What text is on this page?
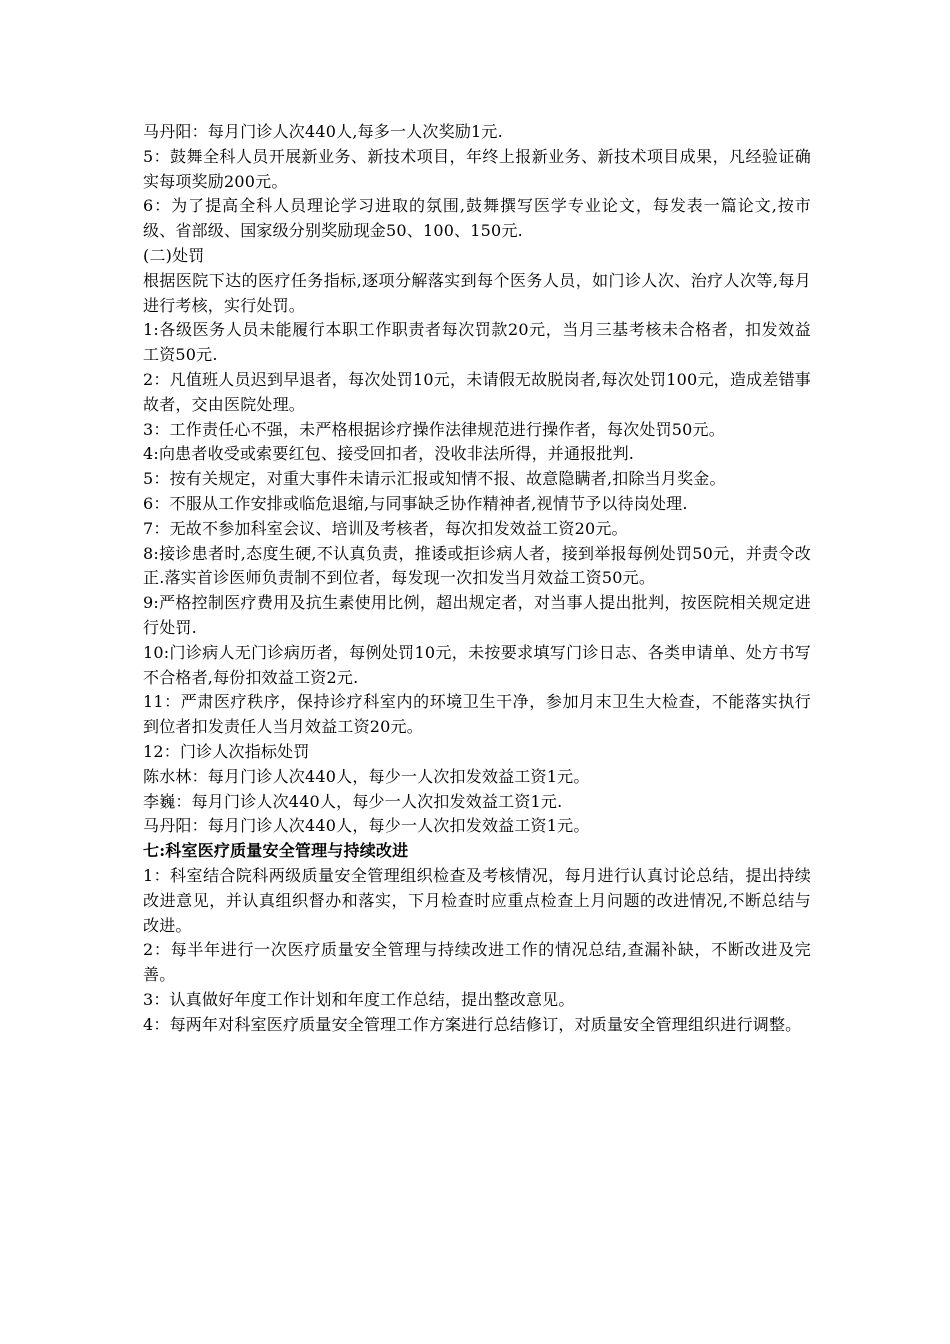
马丹阳：每月门诊人次440人,每多一人次奖励1元.

5：鼓舞全科人员开展新业务、新技术项目，年终上报新业务、新技术项目成果，凡经验证确实每项奖励200元。

6：为了提高全科人员理论学习进取的氛围,鼓舞撰写医学专业论文，每发表一篇论文,按市级、省部级、国家级分别奖励现金50、100、150元.

(二)处罚

根据医院下达的医疗任务指标,逐项分解落实到每个医务人员，如门诊人次、治疗人次等,每月进行考核，实行处罚。

1:各级医务人员未能履行本职工作职责者每次罚款20元，当月三基考核未合格者，扣发效益工资50元.

2：凡值班人员迟到早退者，每次处罚10元，未请假无故脱岗者,每次处罚100元，造成差错事故者，交由医院处理。

3：工作责任心不强，未严格根据诊疗操作法律规范进行操作者，每次处罚50元。

4:向患者收受或索要红包、接受回扣者，没收非法所得，并通报批判.

5：按有关规定，对重大事件未请示汇报或知情不报、故意隐瞒者,扣除当月奖金。

6：不服从工作安排或临危退缩,与同事缺乏协作精神者,视情节予以待岗处理.

7：无故不参加科室会议、培训及考核者，每次扣发效益工资20元。

8:接诊患者时,态度生硬,不认真负责，推诿或拒诊病人者，接到举报每例处罚50元，并责令改正.落实首诊医师负责制不到位者，每发现一次扣发当月效益工资50元。

9:严格控制医疗费用及抗生素使用比例，超出规定者，对当事人提出批判，按医院相关规定进行处罚.

10:门诊病人无门诊病历者，每例处罚10元，未按要求填写门诊日志、各类申请单、处方书写不合格者,每份扣效益工资2元.

11：严肃医疗秩序，保持诊疗科室内的环境卫生干净，参加月末卫生大检查，不能落实执行到位者扣发责任人当月效益工资20元。

12：门诊人次指标处罚

陈水林：每月门诊人次440人，每少一人次扣发效益工资1元。

李巍：每月门诊人次440人，每少一人次扣发效益工资1元.

马丹阳：每月门诊人次440人，每少一人次扣发效益工资1元。

七:科室医疗质量安全管理与持续改进

1：科室结合院科两级质量安全管理组织检查及考核情况，每月进行认真讨论总结，提出持续改进意见，并认真组织督办和落实，下月检查时应重点检查上月问题的改进情况,不断总结与改进。

2：每半年进行一次医疗质量安全管理与持续改进工作的情况总结,查漏补缺，不断改进及完善。

3：认真做好年度工作计划和年度工作总结，提出整改意见。

4：每两年对科室医疗质量安全管理工作方案进行总结修订，对质量安全管理组织进行调整。
